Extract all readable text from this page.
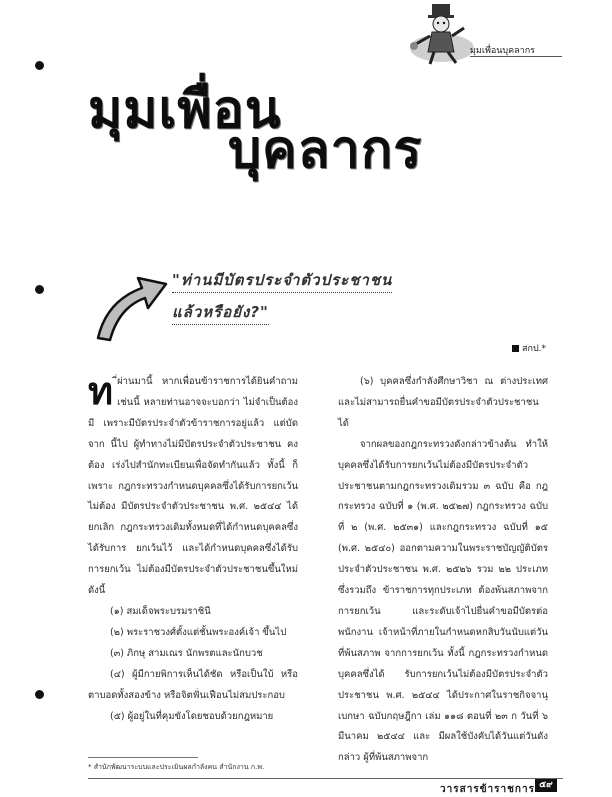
มุมเพื่อนบุคลากร
มุมเพื่อน
บุคลากร
"ท่านมีบัตรประจำตัวประชาชน
แล้วหรือยัง?"
สกป.*
ท ี่ผ่านมานี้ หากเพื่อนข้าราชการได้ยินคำถาม เช่นนี้ หลายท่านอาจจะบอกว่า ไม่จำเป็นต้องมี เพราะมีบัตรประจำตัวข้าราชการอยู่แล้ว แต่บัดจาก นี้ไป ผู้ทำทางไม่มีบัตรประจำตัวประชาชน คงต้อง เร่งไปสำนักทะเบียนเพื่อจัดทำกันแล้ว ทั้งนี้ ก็เพราะ กฎกระทรวงกำหนดบุคคลซึ่งได้รับการยกเว้นไม่ต้อง มีบัตรประจำตัวประชาชน พ.ศ. ๒๕๔๔ ได้ยกเลิก กฎกระทรวงเดิมทั้งหมดที่ได้กำหนดบุคคลซึ่งได้รับการ ยกเว้นไว้ และได้กำหนดบุคคลซึ่งได้รับการยกเว้น ไม่ต้องมีบัตรประจำตัวประชาชนขึ้นใหม่ ดังนี้

(๑) สมเด็จพระบรมราชินี

(๒) พระราชวงศ์ตั้งแต่ชั้นพระองค์เจ้า ขึ้นไป

(๓) ภิกษุ สามเณร นักพรตและนักบวช

(๔) ผู้มีกายพิการเห็นได้ชัด หรือเป็นใบ้ หรือ ตาบอดทั้งสองข้าง หรือจิตฟั่นเฟือนไม่สมประกอบ

(๕) ผู้อยู่ในที่คุมขังโดยชอบด้วยกฎหมาย

(๖) บุคคลซึ่งกำลังศึกษาวิชา ณ ต่างประเทศ และไม่สามารถยื่นคำขอมีบัตรประจำตัวประชาชนได้

จากผลของกฎกระทรวงดังกล่าวข้างต้น ทำให้ บุคคลซึ่งได้รับการยกเว้นไม่ต้องมีบัตรประจำตัว ประชาชนตามกฎกระทรวงเดิมรวม ๓ ฉบับ คือ กฎกระทรวง ฉบับที่ ๑ (พ.ศ. ๒๕๒๗) กฎกระทรวง ฉบับที่ ๒ (พ.ศ. ๒๕๓๑) และกฎกระทรวง ฉบับที่ ๑๕ (พ.ศ. ๒๕๔๐) ออกตามความในพระราชบัญญัติบัตร ประจำตัวประชาชน พ.ศ. ๒๕๒๖ รวม ๒๒ ประเภท ซึ่งรวมถึง ข้าราชการทุกประเภท ต้องพ้นสภาพจาก การยกเว้น และระดับเจ้าไปยื่นคำขอมีบัตรต่อพนักงาน เจ้าหน้าที่ภายในกำหนดหกสิบวันนับแต่วันที่พ้นสภาพ จากการยกเว้น ทั้งนี้ กฎกระทรวงกำหนดบุคคลซึ่งได้ รับการยกเว้นไม่ต้องมีบัตรประจำตัวประชาชน พ.ศ. ๒๕๔๔ ได้ประกาศในราชกิจจานุเบกษา ฉบับกฤษฎีกา เล่ม ๑๑๘ ตอนที่ ๒๓ ก วันที่ ๖ มีนาคม ๒๕๔๔ และ มีผลใช้บังคับได้วันแต่วันดังกล่าว ผู้ที่พ้นสภาพจาก

* สำนักพัฒนาระบบและประเมินผลกำลังคน สำนักงาน ก.พ.
วารสารข้าราชการ ๕๙
